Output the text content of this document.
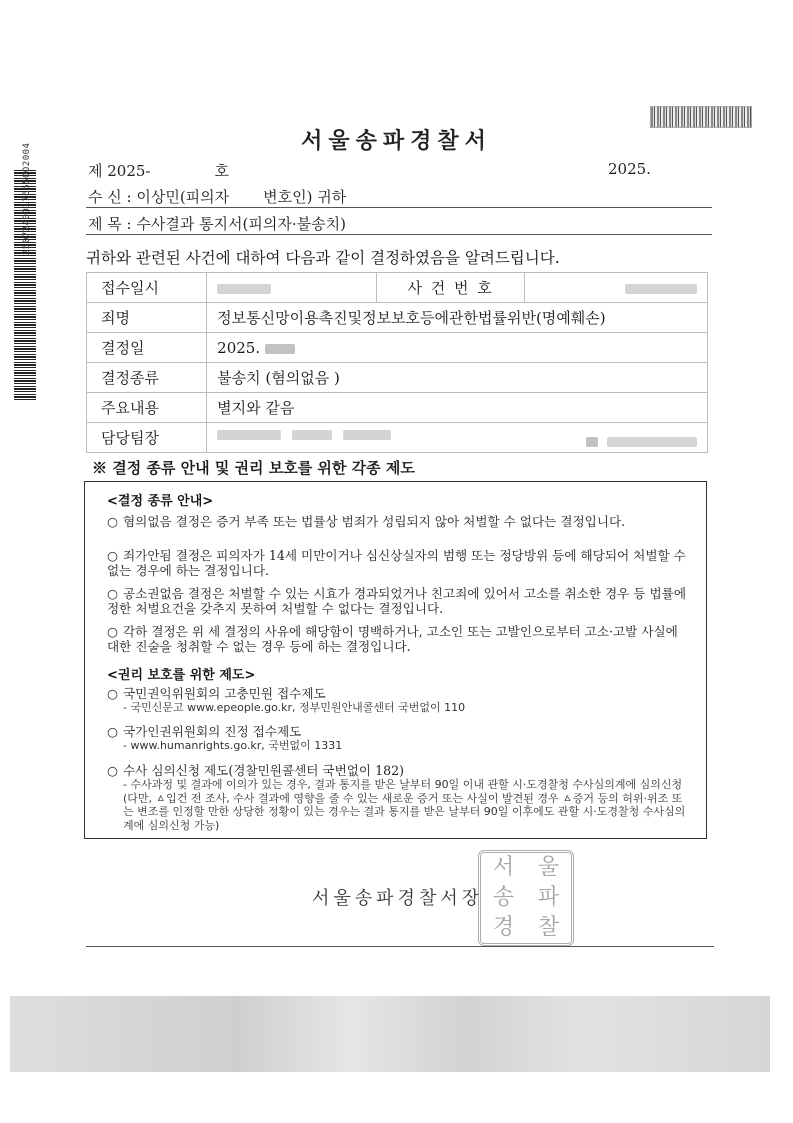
25072400176550O2004
서울송파경찰서
제 2025-	호	2025.
수 신 : 이상민(피의자 변호인) 귀하
제 목 : 수사결과 통지서(피의자·불송치)
귀하와 관련된 사건에 대하여 다음과 같이 결정하였음을 알려드립니다.
접수일시		사 건 번 호	
죄명	정보통신망이용촉진및정보보호등에관한법률위반(명예훼손)		
결정일	2025.		
결정종류	불송치 (혐의없음 )		
주요내용	별지와 같음		
담당팀장			

※ 결정 종류 안내 및 권리 보호를 위한 각종 제도
<결정 종류 안내>
○ 혐의없음 결정은 증거 부족 또는 법률상 범죄가 성립되지 않아 처벌할 수 없다는 결정입니다.
○ 죄가안됨 결정은 피의자가 14세 미만이거나 심신상실자의 범행 또는 정당방위 등에 해당되어 처벌할 수 없는 경우에 하는 결정입니다.
○ 공소권없음 결정은 처벌할 수 있는 시효가 경과되었거나 친고죄에 있어서 고소를 취소한 경우 등 법률에 정한 처벌요건을 갖추지 못하여 처벌할 수 없다는 결정입니다.
○ 각하 결정은 위 세 결정의 사유에 해당함이 명백하거나, 고소인 또는 고발인으로부터 고소·고발 사실에 대한 진술을 청취할 수 없는 경우 등에 하는 결정입니다.
<권리 보호를 위한 제도>
○ 국민권익위원회의 고충민원 접수제도
- 국민신문고 www.epeople.go.kr, 정부민원안내콜센터 국번없이 110
○ 국가인권위원회의 진정 접수제도
- www.humanrights.go.kr, 국번없이 1331
○ 수사 심의신청 제도(경찰민원콜센터 국번없이 182)
- 수사과정 및 결과에 이의가 있는 경우, 결과 통지를 받은 날부터 90일 이내 관할 시·도경찰청 수사심의계에 심의신청 (다만, ㅿ입건 전 조사, 수사 결과에 영향을 줄 수 있는 새로운 증거 또는 사실이 발견된 경우 ㅿ증거 등의 허위·위조 또는 변조를 인정할 만한 상당한 정황이 있는 경우는 결과 통지를 받은 날부터 90일 이후에도 관할 시·도경찰청 수사심의계에 심의신청 가능)
서울송파경찰서장
서	울
송	파
경	찰
